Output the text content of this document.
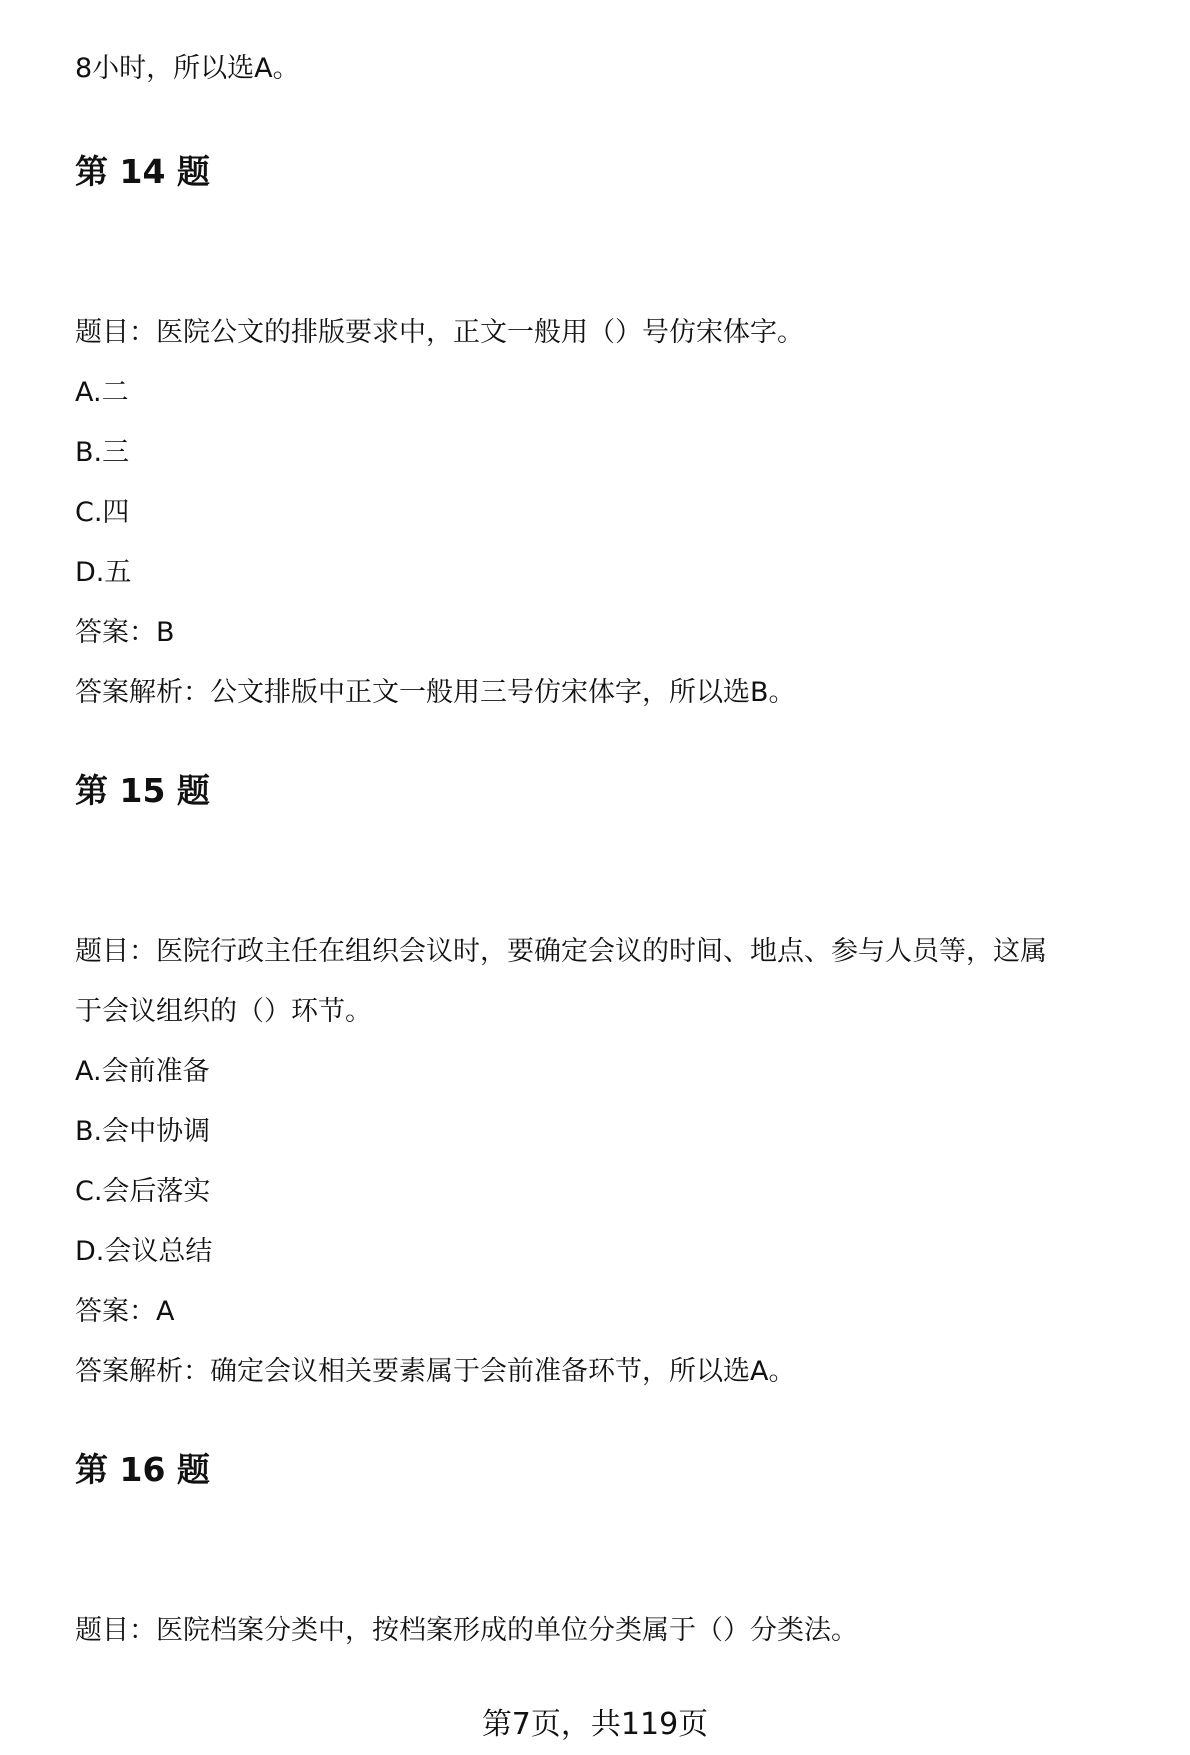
8小时，所以选A。
第 14 题
题目：医院公文的排版要求中，正文一般用（）号仿宋体字。
A.二
B.三
C.四
D.五
答案：B
答案解析：公文排版中正文一般用三号仿宋体字，所以选B。
第 15 题
题目：医院行政主任在组织会议时，要确定会议的时间、地点、参与人员等，这属
于会议组织的（）环节。
A.会前准备
B.会中协调
C.会后落实
D.会议总结
答案：A
答案解析：确定会议相关要素属于会前准备环节，所以选A。
第 16 题
题目：医院档案分类中，按档案形成的单位分类属于（）分类法。
第7页，共119页
